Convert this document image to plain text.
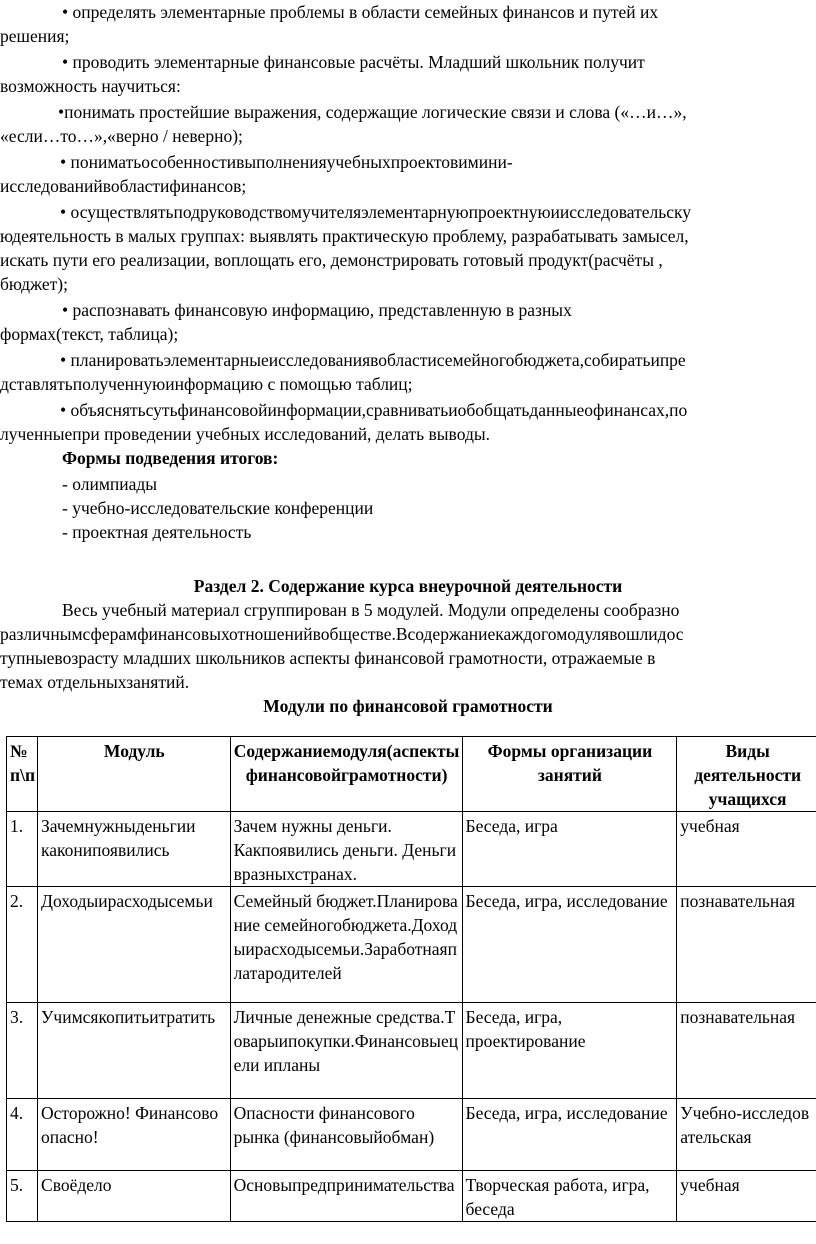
• определять элементарные проблемы в области семейных финансов и путей их
решения;
• проводить элементарные финансовые расчёты. Младший школьник получит
возможность научиться:
•понимать простейшие выражения, содержащие логические связи и слова («…и…»,
«если…то…»,«верно / неверно);
• пониматьособенностивыполненияучебныхпроектовимини-
исследованийвобластифинансов;
• осуществлятьподруководствомучителяэлементарнуюпроектнуюиисследовательску
юдеятельность в малых группах: выявлять практическую проблему, разрабатывать замысел,
искать пути его реализации, воплощать его, демонстрировать готовый продукт(расчёты ,
бюджет);
• распознавать финансовую информацию, представленную в разных
формах(текст, таблица);
• планироватьэлементарныеисследованиявобластисемейногобюджета,собиратьипре
дставлятьполученнуюинформацию с помощью таблиц;
• объяснятьсутьфинансовойинформации,сравниватьиобобщатьданныеофинансах,по
лученныепри проведении учебных исследований, делать выводы.
Формы подведения итогов:
- олимпиады
- учебно-исследовательские конференции
- проектная деятельность
Раздел 2. Содержание курса внеурочной деятельности
Весь учебный материал сгруппирован в 5 модулей. Модули определены сообразно
различнымсферамфинансовыхотношенийвобществе.Всодержаниекаждогомодулявошлидос
тупныевозрасту младших школьников аспекты финансовой грамотности, отражаемые в
темах отдельныхзанятий.
Модули по финансовой грамотности
№ п\п	Модуль	Содержаниемодуля(аспекты финансовойграмотности)	Формы организации занятий	Виды деятельности учащихся
1.	Зачемнужныденьгии каконипоявились	Зачем нужны деньги. Какпоявились деньги. Деньги вразныхстранах.	Беседа, игра	учебная
2.	Доходыирасходысемьи	Семейный бюджет.Планирование семейногобюджета.Доходыирасходысемьи.Заработнаяплатародителей	Беседа, игра, исследование	познавательная
3.	Учимсякопитьитратить	Личные денежные средства.Товарыипокупки.Финансовыецели ипланы	Беседа, игра, проектирование	познавательная
4.	Осторожно! Финансово опасно!	Опасности финансового рынка (финансовыйобман)	Беседа, игра, исследование	Учебно-исследовательская
5.	Своёдело	Основыпредпринимательства	Творческая работа, игра, беседа	учебная
